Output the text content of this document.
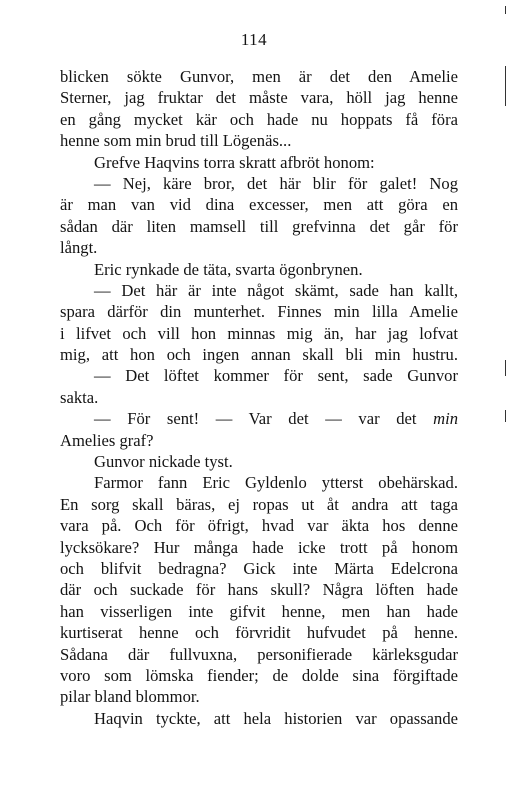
114
blicken sökte Gunvor, men är det den Amelie
Sterner, jag fruktar det måste vara, höll jag henne
en gång mycket kär och hade nu hoppats få föra
henne som min brud till Lögenäs...
Grefve Haqvins torra skratt afbröt honom:
— Nej, käre bror, det här blir för galet! Nog
är man van vid dina excesser, men att göra en
sådan där liten mamsell till grefvinna det går för
långt.
Eric rynkade de täta, svarta ögonbrynen.
— Det här är inte något skämt, sade han kallt,
spara därför din munterhet. Finnes min lilla Amelie
i lifvet och vill hon minnas mig än, har jag lofvat
mig, att hon och ingen annan skall bli min hustru.
— Det löftet kommer för sent, sade Gunvor
sakta.
— För sent! — Var det — var det min
Amelies graf?
Gunvor nickade tyst.
Farmor fann Eric Gyldenlo ytterst obehärskad.
En sorg skall bäras, ej ropas ut åt andra att taga
vara på. Och för öfrigt, hvad var äkta hos denne
lycksökare? Hur många hade icke trott på honom
och blifvit bedragna? Gick inte Märta Edelcrona
där och suckade för hans skull? Några löften hade
han visserligen inte gifvit henne, men han hade
kurtiserat henne och förvridit hufvudet på henne.
Sådana där fullvuxna, personifierade kärleksgudar
voro som lömska fiender; de dolde sina förgiftade
pilar bland blommor.
Haqvin tyckte, att hela historien var opassande
